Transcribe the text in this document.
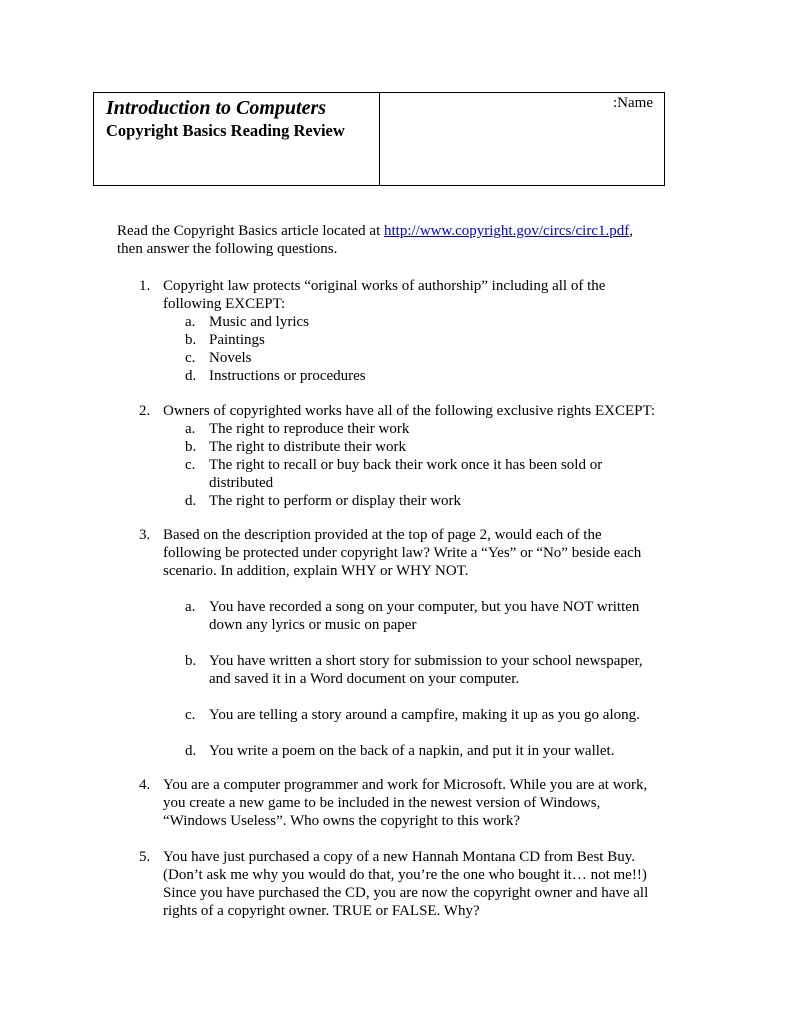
Introduction to Computers
Copyright Basics Reading Review
:Name
Read the Copyright Basics article located at http://www.copyright.gov/circs/circ1.pdf,
then answer the following questions.
1. Copyright law protects “original works of authorship” including all of the
following EXCEPT:
a. Music and lyrics
b. Paintings
c. Novels
d. Instructions or procedures
2. Owners of copyrighted works have all of the following exclusive rights EXCEPT:
a. The right to reproduce their work
b. The right to distribute their work
c. The right to recall or buy back their work once it has been sold or
distributed
d. The right to perform or display their work
3. Based on the description provided at the top of page 2, would each of the
following be protected under copyright law? Write a “Yes” or “No” beside each
scenario. In addition, explain WHY or WHY NOT.
a. You have recorded a song on your computer, but you have NOT written
down any lyrics or music on paper
b. You have written a short story for submission to your school newspaper,
and saved it in a Word document on your computer.
c. You are telling a story around a campfire, making it up as you go along.
d. You write a poem on the back of a napkin, and put it in your wallet.
4. You are a computer programmer and work for Microsoft. While you are at work,
you create a new game to be included in the newest version of Windows,
“Windows Useless”. Who owns the copyright to this work?
5. You have just purchased a copy of a new Hannah Montana CD from Best Buy.
(Don’t ask me why you would do that, you’re the one who bought it… not me!!)
Since you have purchased the CD, you are now the copyright owner and have all
rights of a copyright owner. TRUE or FALSE. Why?
